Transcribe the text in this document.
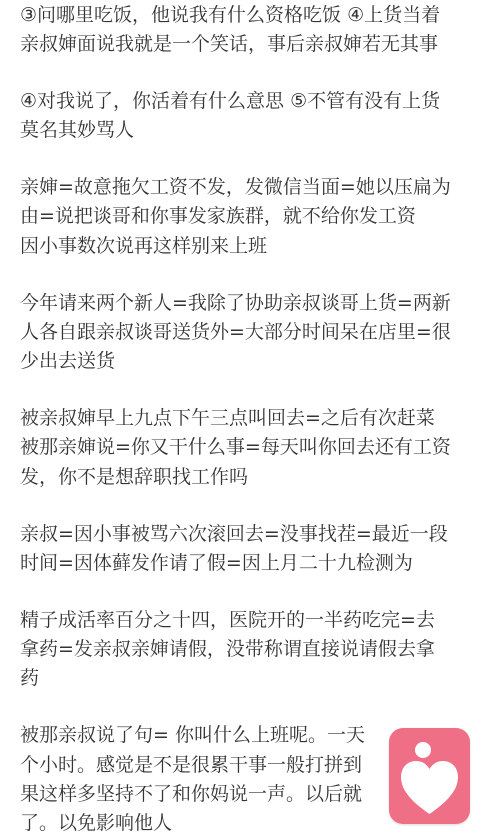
③问哪里吃饭，他说我有什么资格吃饭 ④上货当着
亲叔婶面说我就是一个笑话，事后亲叔婶若无其事
④对我说了，你活着有什么意思 ⑤不管有没有上货
莫名其妙骂人
亲婶=故意拖欠工资不发，发微信当面=她以压扁为
由=说把谈哥和你事发家族群，就不给你发工资
因小事数次说再这样别来上班
今年请来两个新人=我除了协助亲叔谈哥上货=两新
人各自跟亲叔谈哥送货外=大部分时间呆在店里=很
少出去送货
被亲叔婶早上九点下午三点叫回去=之后有次赶菜
被那亲婶说=你又干什么事=每天叫你回去还有工资
发，你不是想辞职找工作吗
亲叔=因小事被骂六次滚回去=没事找茬=最近一段
时间=因体藓发作请了假=因上月二十九检测为
精子成活率百分之十四，医院开的一半药吃完=去
拿药=发亲叔亲婶请假，没带称谓直接说请假去拿
药
被那亲叔说了句= 你叫什么上班呢。一天
个小时。感觉是不是很累干事一般打拼到
果这样多坚持不了和你妈说一声。以后就
了。以免影响他人
